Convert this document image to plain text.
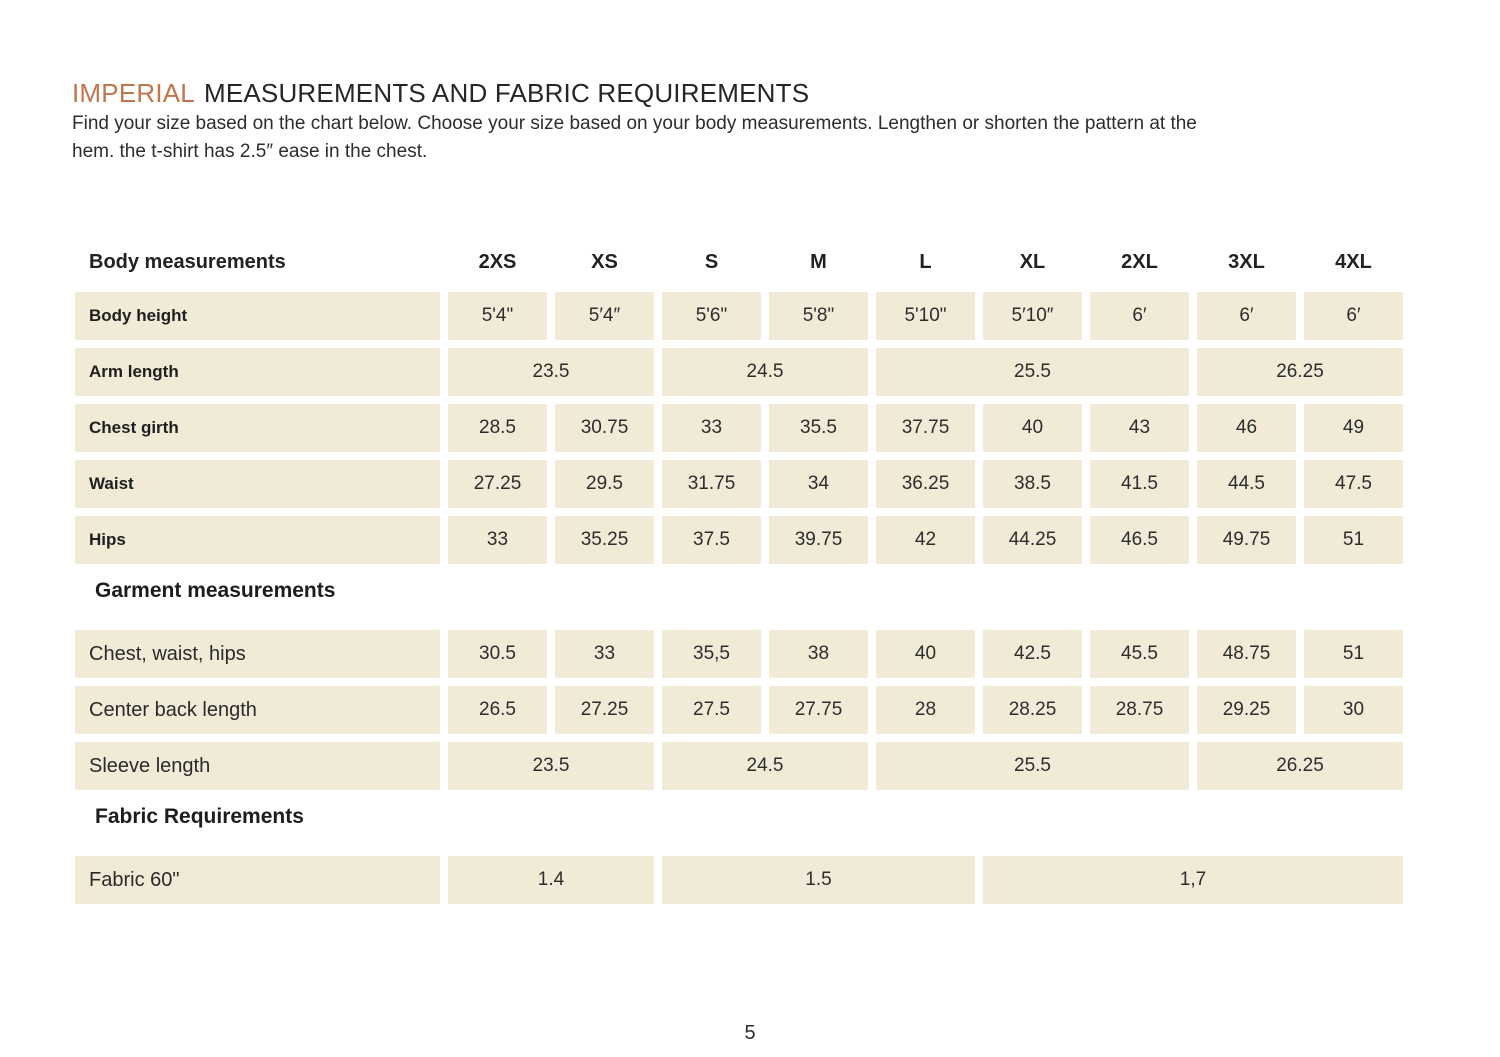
IMPERIAL MEASUREMENTS AND FABRIC REQUIREMENTS
Find your size based on the chart below. Choose your size based on your body measurements. Lengthen or shorten the pattern at the
hem. the t-shirt has 2.5″ ease in the chest.
Body measurements	2XS	XS	S	M	L	XL	2XL	3XL	4XL
Body height	5'4"	5′4″	5'6"	5'8"	5'10"	5′10″	6′	6′	6′
Arm length	23.5	24.5	25.5	26.25
Chest girth	28.5	30.75	33	35.5	37.75	40	43	46	49
Waist	27.25	29.5	31.75	34	36.25	38.5	41.5	44.5	47.5
Hips	33	35.25	37.5	39.75	42	44.25	46.5	49.75	51
Garment measurements
Chest, waist, hips	30.5	33	35,5	38	40	42.5	45.5	48.75	51
Center back length	26.5	27.25	27.5	27.75	28	28.25	28.75	29.25	30
Sleeve length	23.5	24.5	25.5	26.25
Fabric Requirements
Fabric 60"	1.4	1.5	1,7
5
